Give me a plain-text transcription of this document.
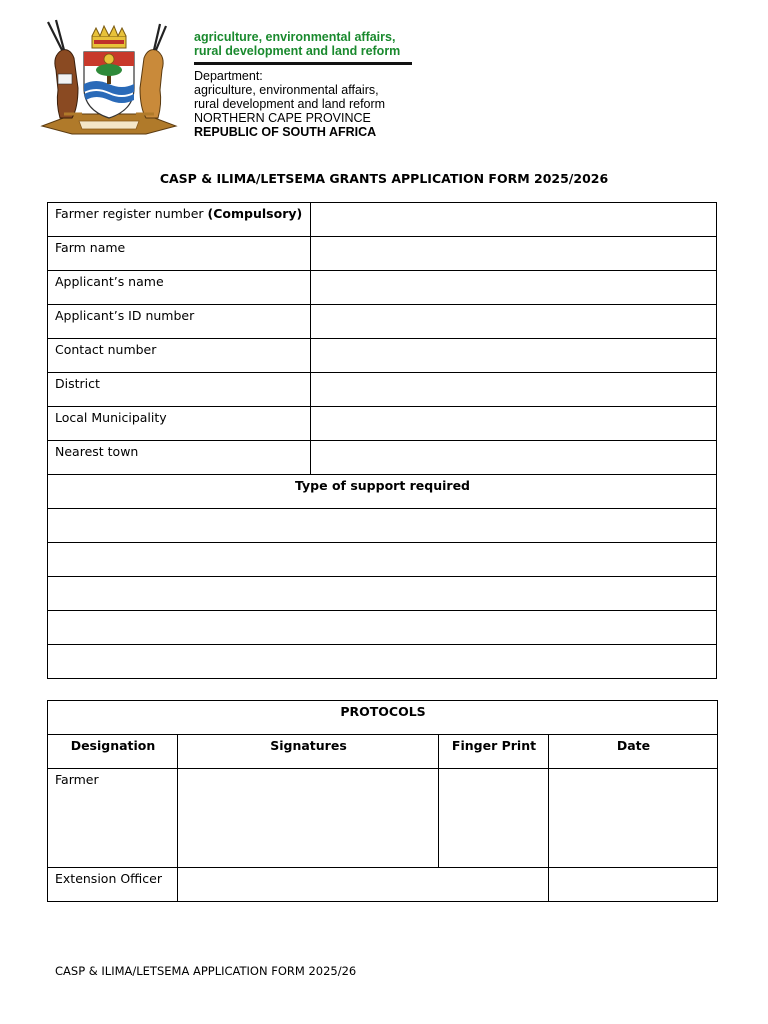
agriculture, environmental affairs,
rural development and land reform
Department:
agriculture, environmental affairs,
rural development and land reform
NORTHERN CAPE PROVINCE
REPUBLIC OF SOUTH AFRICA
CASP & ILIMA/LETSEMA GRANTS APPLICATION FORM 2025/2026
Farmer register number (Compulsory)	
Farm name	
Applicant’s name	
Applicant’s ID number	
Contact number	
District	
Local Municipality	
Nearest town	
Type of support required	

PROTOCOLS			
Designation	Signatures	Finger Print	Date
Farmer			
Extension Officer			
CASP & ILIMA/LETSEMA APPLICATION FORM 2025/26
